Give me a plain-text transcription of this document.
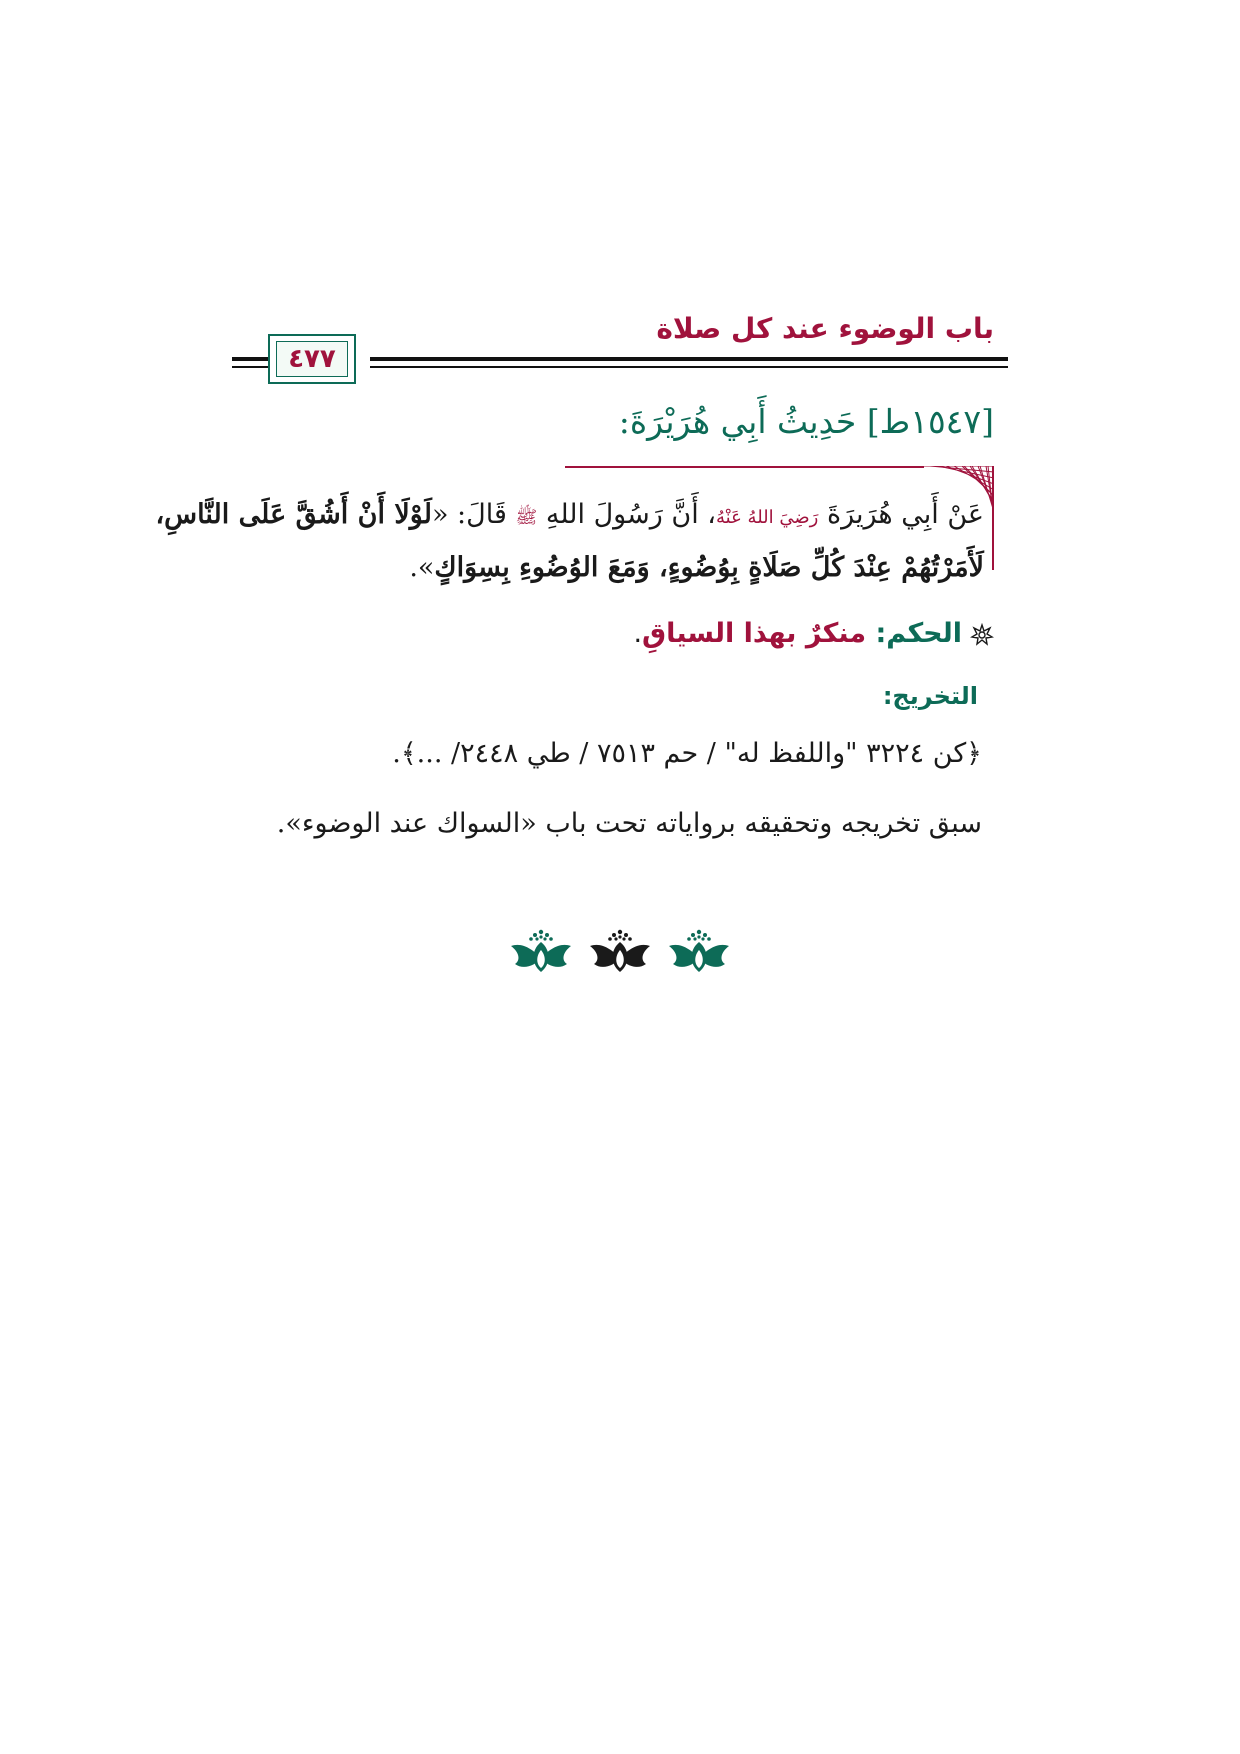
باب الوضوء عند كل صلاة
٤٧٧
[١٥٤٧ط] حَدِيثُ أَبِي هُرَيْرَةَ:
عَنْ أَبِي هُرَيرَةَ رَضِيَ اللهُ عَنْهُ، أَنَّ رَسُولَ اللهِ ﷺ قَالَ: «لَوْلَا أَنْ أَشُقَّ عَلَى النَّاسِ،
لَأَمَرْتُهُمْ عِنْدَ كُلِّ صَلَاةٍ بِوُضُوءٍ، وَمَعَ الوُضُوءِ بِسِوَاكٍ».
الحكم: منكرٌ بهذا السياقِ.
التخريج:
﴿كن ٣٢٢٤ "واللفظ له" / حم ٧٥١٣ / طي ٢٤٤٨/ ...﴾.
سبق تخريجه وتحقيقه برواياته تحت باب «السواك عند الوضوء».
